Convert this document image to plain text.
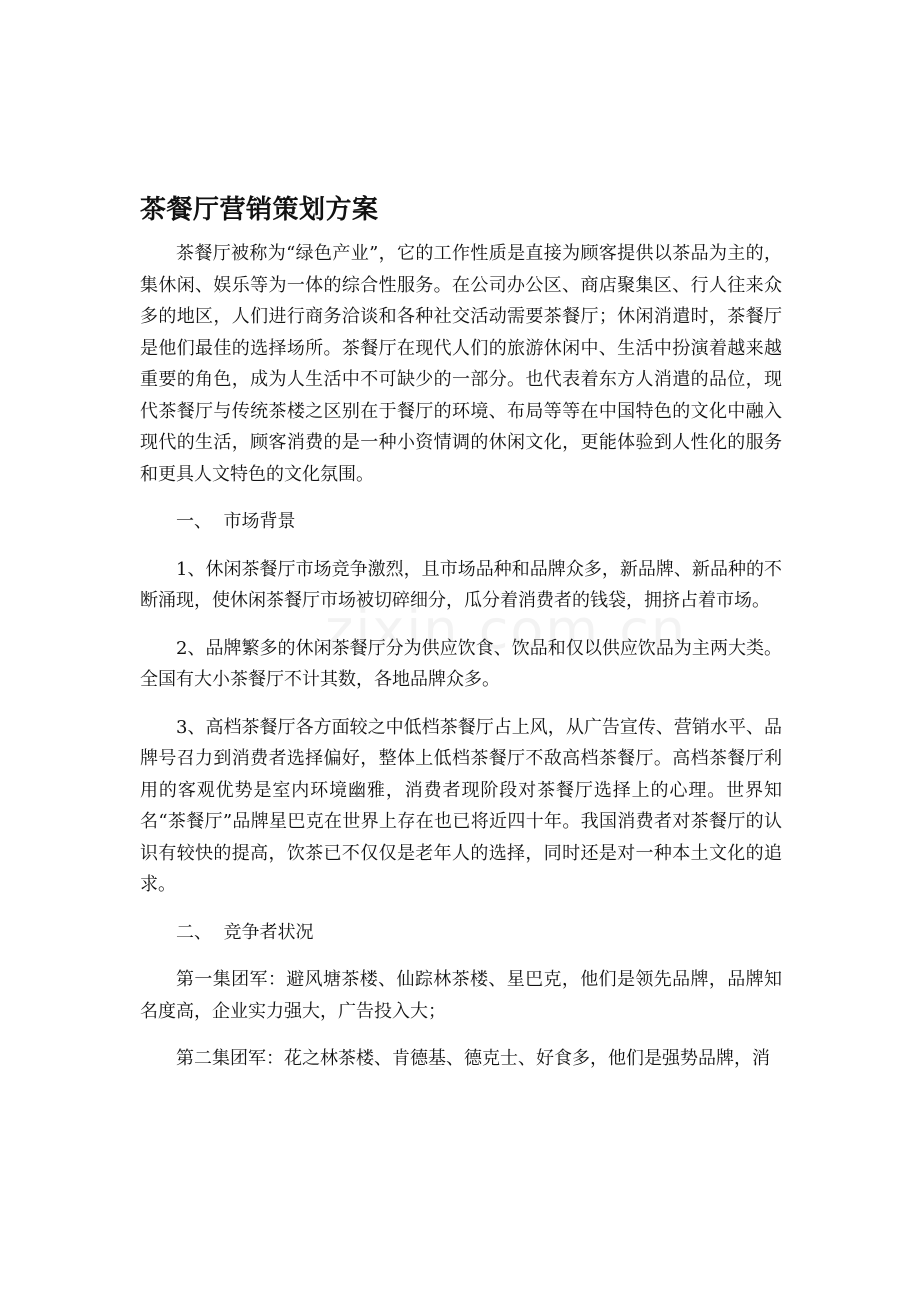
茶餐厅营销策划方案

茶餐厅被称为“绿色产业”，它的工作性质是直接为顾客提供以茶品为主的，集休闲、娱乐等为一体的综合性服务。在公司办公区、商店聚集区、行人往来众多的地区，人们进行商务洽谈和各种社交活动需要茶餐厅；休闲消遣时，茶餐厅是他们最佳的选择场所。茶餐厅在现代人们的旅游休闲中、生活中扮演着越来越重要的角色，成为人生活中不可缺少的一部分。也代表着东方人消遣的品位，现代茶餐厅与传统茶楼之区别在于餐厅的环境、布局等等在中国特色的文化中融入现代的生活，顾客消费的是一种小资情调的休闲文化，更能体验到人性化的服务和更具人文特色的文化氛围。

一、  市场背景

1、休闲茶餐厅市场竞争激烈，且市场品种和品牌众多，新品牌、新品种的不断涌现，使休闲茶餐厅市场被切碎细分，瓜分着消费者的钱袋，拥挤占着市场。

2、品牌繁多的休闲茶餐厅分为供应饮食、饮品和仅以供应饮品为主两大类。全国有大小茶餐厅不计其数，各地品牌众多。

3、高档茶餐厅各方面较之中低档茶餐厅占上风，从广告宣传、营销水平、品牌号召力到消费者选择偏好，整体上低档茶餐厅不敌高档茶餐厅。高档茶餐厅利用的客观优势是室内环境幽雅，消费者现阶段对茶餐厅选择上的心理。世界知名“茶餐厅”品牌星巴克在世界上存在也已将近四十年。我国消费者对茶餐厅的认识有较快的提高，饮茶已不仅仅是老年人的选择，同时还是对一种本土文化的追求。

二、  竞争者状况

第一集团军：避风塘茶楼、仙踪林茶楼、星巴克，他们是领先品牌，品牌知名度高，企业实力强大，广告投入大；

第二集团军：花之林茶楼、肯德基、德克士、好食多，他们是强势品牌，消
